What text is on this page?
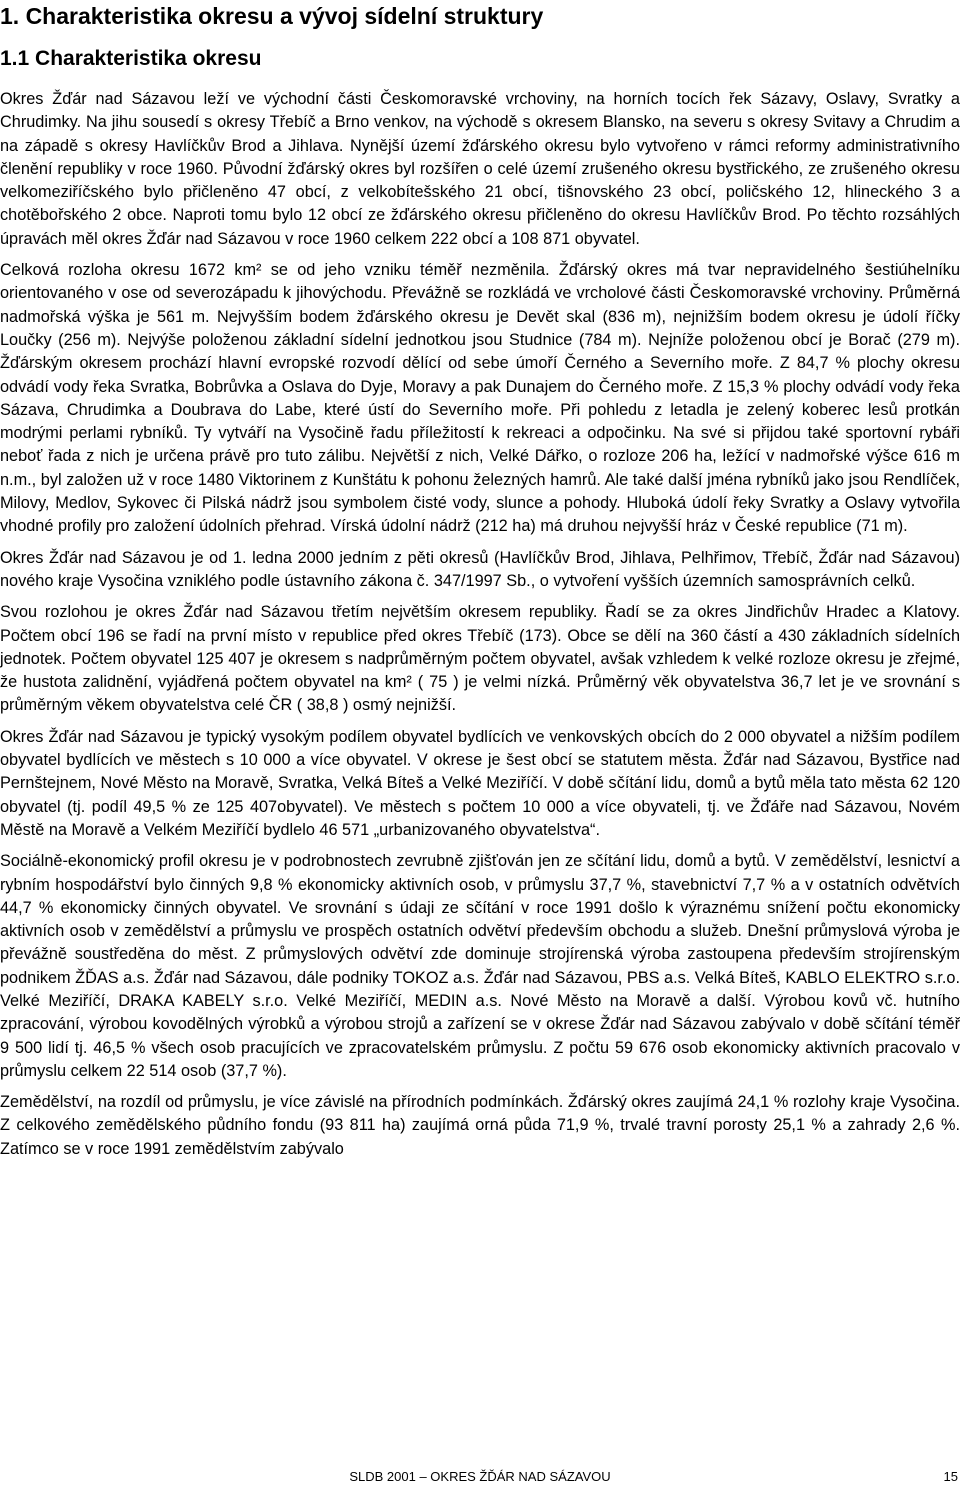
1. Charakteristika okresu a vývoj sídelní struktury
1.1 Charakteristika okresu

Okres Žďár nad Sázavou leží ve východní části Českomoravské vrchoviny, na horních tocích řek Sázavy, Oslavy, Svratky a Chrudimky. Na jihu sousedí s okresy Třebíč a Brno venkov, na východě s okresem Blansko, na severu s okresy Svitavy a Chrudim a na západě s okresy Havlíčkův Brod a Jihlava. Nynější území žďárského okresu bylo vytvořeno v rámci reformy administrativního členění republiky v roce 1960. Původní žďárský okres byl rozšířen o celé území zrušeného okresu bystřického, ze zrušeného okresu velkomeziříčského bylo přičleněno 47 obcí, z velkobítešského 21 obcí, tišnovského 23 obcí, poličského 12, hlineckého 3 a chotěbořského 2 obce. Naproti tomu bylo 12 obcí ze žďárského okresu přičleněno do okresu Havlíčkův Brod. Po těchto rozsáhlých úpravách měl okres Žďár nad Sázavou v roce 1960 celkem 222 obcí a 108 871 obyvatel.

Celková rozloha okresu 1672 km² se od jeho vzniku téměř nezměnila. Žďárský okres má tvar nepravidelného šestiúhelníku orientovaného v ose od severozápadu k jihovýchodu. Převážně se rozkládá ve vrcholové části Českomoravské vrchoviny. Průměrná nadmořská výška je 561 m. Nejvyšším bodem žďárského okresu je Devět skal (836 m), nejnižším bodem okresu je údolí říčky Loučky (256 m). Nejvýše položenou základní sídelní jednotkou jsou Studnice (784 m). Nejníže položenou obcí je Borač (279 m). Žďárským okresem prochází hlavní evropské rozvodí dělící od sebe úmoří Černého a Severního moře. Z 84,7 % plochy okresu odvádí vody řeka Svratka, Bobrůvka a Oslava do Dyje, Moravy a pak Dunajem do Černého moře. Z 15,3 % plochy odvádí vody řeka Sázava, Chrudimka a Doubrava do Labe, které ústí do Severního moře. Při pohledu z letadla je zelený koberec lesů protkán modrými perlami rybníků. Ty vytváří na Vysočině řadu příležitostí k rekreaci a odpočinku. Na své si přijdou také sportovní rybáři neboť řada z nich je určena právě pro tuto zálibu. Největší z nich, Velké Dářko, o rozloze 206 ha, ležící v nadmořské výšce 616 m n.m., byl založen už v roce 1480 Viktorinem z Kunštátu k pohonu železných hamrů. Ale také další jména rybníků jako jsou Rendlíček, Milovy, Medlov, Sykovec či Pilská nádrž jsou symbolem čisté vody, slunce a pohody. Hluboká údolí řeky Svratky a Oslavy vytvořila vhodné profily pro založení údolních přehrad. Vírská údolní nádrž (212 ha) má druhou nejvyšší hráz v České republice (71 m).

Okres Žďár nad Sázavou je od 1. ledna 2000 jedním z pěti okresů (Havlíčkův Brod, Jihlava, Pelhřimov, Třebíč, Žďár nad Sázavou) nového kraje Vysočina vzniklého podle ústavního zákona č. 347/1997 Sb., o vytvoření vyšších územních samosprávních celků.

Svou rozlohou je okres Žďár nad Sázavou třetím největším okresem republiky. Řadí se za okres Jindřichův Hradec a Klatovy. Počtem obcí 196 se řadí na první místo v republice před okres Třebíč (173). Obce se dělí na 360 částí a 430 základních sídelních jednotek. Počtem obyvatel 125 407 je okresem s nadprůměrným počtem obyvatel, avšak vzhledem k velké rozloze okresu je zřejmé, že hustota zalidnění, vyjádřená počtem obyvatel na km² ( 75 ) je velmi nízká. Průměrný věk obyvatelstva 36,7 let je ve srovnání s průměrným věkem obyvatelstva celé ČR ( 38,8 ) osmý nejnižší.

Okres Žďár nad Sázavou je typický vysokým podílem obyvatel bydlících ve venkovských obcích do 2 000 obyvatel a nižším podílem obyvatel bydlících ve městech s 10 000 a více obyvatel. V okrese je šest obcí se statutem města. Žďár nad Sázavou, Bystřice nad Pernštejnem, Nové Město na Moravě, Svratka, Velká Bíteš a Velké Meziříčí. V době sčítání lidu, domů a bytů měla tato města 62 120 obyvatel (tj. podíl 49,5 % ze 125 407obyvatel). Ve městech s počtem 10 000 a více obyvateli, tj. ve Žďáře nad Sázavou, Novém Městě na Moravě a Velkém Meziříčí bydlelo 46 571 „urbanizovaného obyvatelstva“.

Sociálně-ekonomický profil okresu je v podrobnostech zevrubně zjišťován jen ze sčítání lidu, domů a bytů. V zemědělství, lesnictví a rybním hospodářství bylo činných 9,8 % ekonomicky aktivních osob, v průmyslu 37,7 %, stavebnictví 7,7 % a v ostatních odvětvích 44,7 % ekonomicky činných obyvatel. Ve srovnání s údaji ze sčítání v roce 1991 došlo k výraznému snížení počtu ekonomicky aktivních osob v zemědělství a průmyslu ve prospěch ostatních odvětví především obchodu a služeb. Dnešní průmyslová výroba je převážně soustředěna do měst. Z průmyslových odvětví zde dominuje strojírenská výroba zastoupena především strojírenským podnikem ŽĎAS a.s. Žďár nad Sázavou, dále podniky TOKOZ a.s. Žďár nad Sázavou, PBS a.s. Velká Bíteš, KABLO ELEKTRO s.r.o. Velké Meziříčí, DRAKA KABELY s.r.o. Velké Meziříčí, MEDIN a.s. Nové Město na Moravě a další. Výrobou kovů vč. hutního zpracování, výrobou kovodělných výrobků a výrobou strojů a zařízení se v okrese Žďár nad Sázavou zabývalo v době sčítání téměř 9 500 lidí tj. 46,5 % všech osob pracujících ve zpracovatelském průmyslu. Z počtu 59 676 osob ekonomicky aktivních pracovalo v průmyslu celkem 22 514 osob (37,7 %).

Zemědělství, na rozdíl od průmyslu, je více závislé na přírodních podmínkách. Žďárský okres zaujímá 24,1 % rozlohy kraje Vysočina. Z celkového zemědělského půdního fondu (93 811 ha) zaujímá orná půda 71,9 %, trvalé travní porosty 25,1 % a zahrady 2,6 %. Zatímco se v roce 1991 zemědělstvím zabývalo

SLDB 2001 – OKRES ŽĎÁR NAD SÁZAVOU	15
